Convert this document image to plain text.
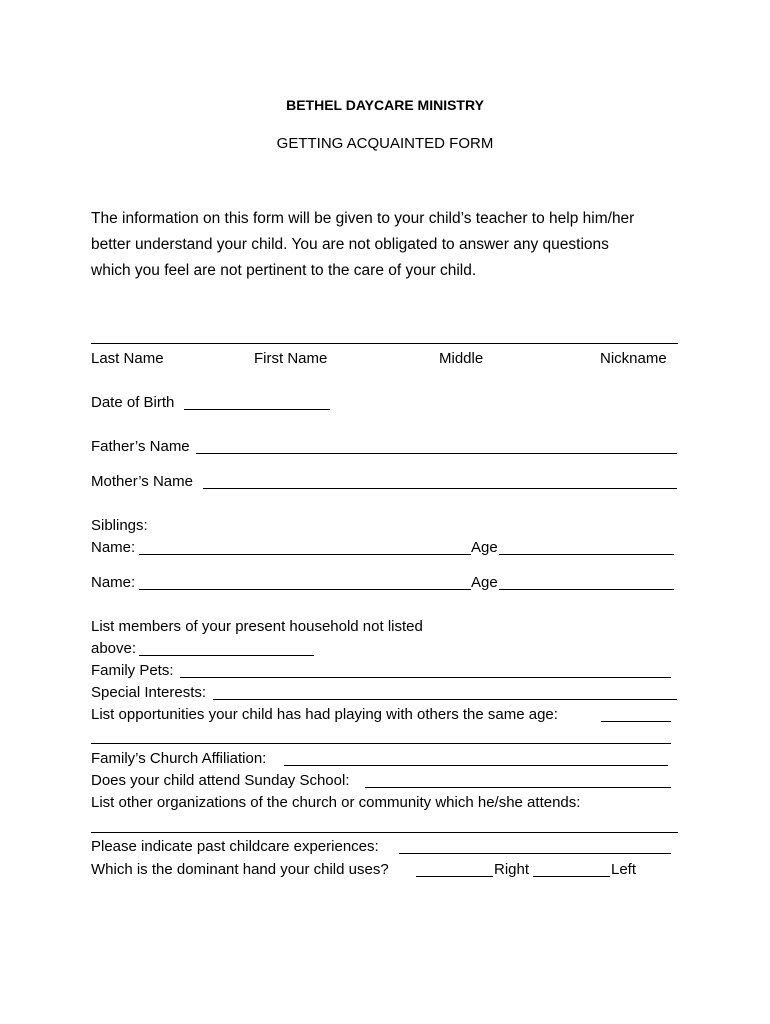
BETHEL DAYCARE MINISTRY
GETTING ACQUAINTED FORM
The information on this form will be given to your child’s teacher to help him/her
better understand your child. You are not obligated to answer any questions
which you feel are not pertinent to the care of your child.
Last Name	First Name	Middle	Nickname
Date of Birth
Father’s Name
Mother’s Name
Siblings:
Name:	Age
Name:	Age
List members of your present household not listed
above:
Family Pets:
Special Interests:
List opportunities your child has had playing with others the same age:
Family’s Church Affiliation:
Does your child attend Sunday School:
List other organizations of the church or community which he/she attends:
Please indicate past childcare experiences:
Which is the dominant hand your child uses?	Right	Left
